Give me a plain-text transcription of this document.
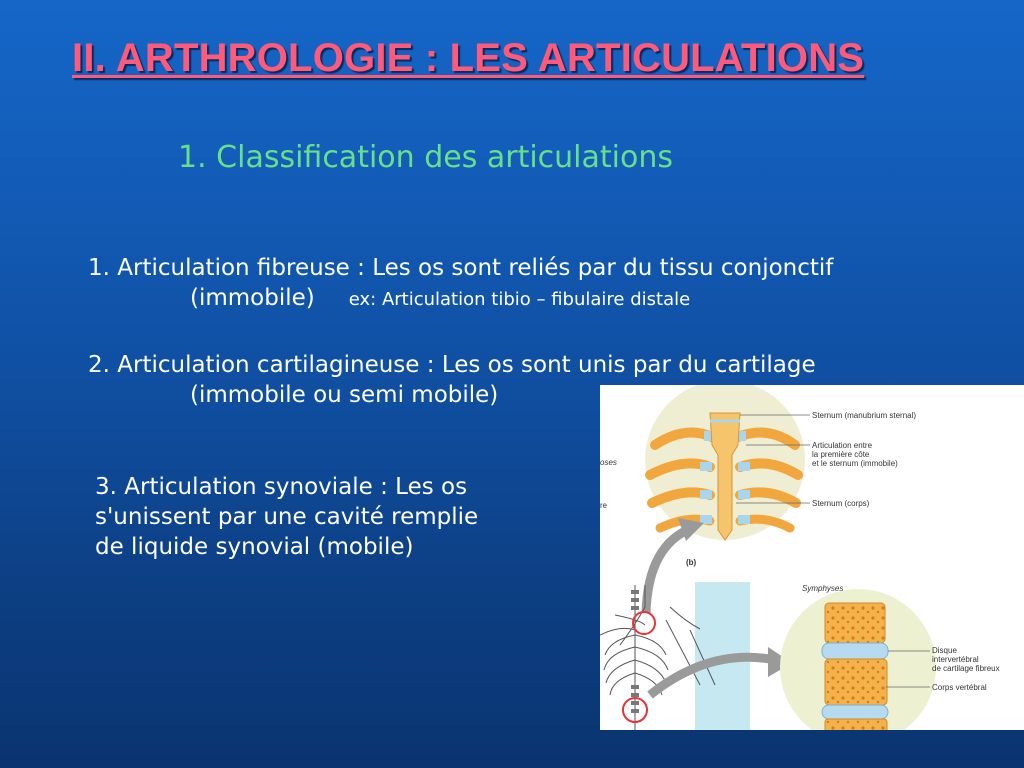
II. ARTHROLOGIE : LES ARTICULATIONS
1. Classification des articulations
1. Articulation fibreuse : Les os sont reliés par du tissu conjonctif
(immobile) ex: Articulation tibio – fibulaire distale
2. Articulation cartilagineuse : Les os sont unis par du cartilage
(immobile ou semi mobile)
3. Articulation synoviale : Les os
s'unissent par une cavité remplie
de liquide synovial (mobile)
(b)
Sternum (manubrium sternal)
Articulation entre
la première côte
et le sternum (immobile)
Sternum (corps)
Symphyses
Disque
intervertébral
de cartilage fibreux
Corps vertébral
oses
re
